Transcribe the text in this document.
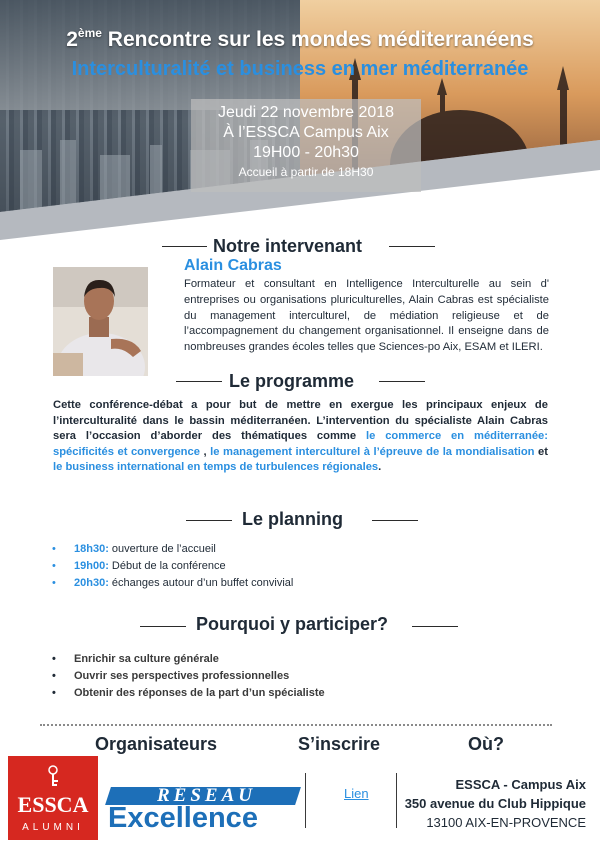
2ème Rencontre sur les mondes méditerranéens
Interculturalité et business en mer méditerranée
Jeudi 22 novembre 2018
À l’ESSCA Campus Aix
19H00 - 20h30
Accueil à partir de 18H30
Notre intervenant
Alain Cabras
Formateur et consultant en Intelligence Interculturelle au sein d' entreprises ou organisations pluriculturelles, Alain Cabras est spécialiste du management interculturel, de médiation religieuse et de l’accompagnement du changement organisationnel. Il enseigne dans de nombreuses grandes écoles telles que Sciences-po Aix, ESAM et ILERI.
Le programme
Cette conférence-débat a pour but de mettre en exergue les principaux enjeux de l’interculturalité dans le bassin méditerranéen. L’intervention du spécialiste Alain Cabras sera l’occasion d’aborder des thématiques comme le commerce en méditerranée: spécificités et convergence , le management interculturel à l’épreuve de la mondialisation et le business international en temps de turbulences régionales.
Le planning
• 18h30: ouverture de l’accueil
• 19h00: Début de la conférence
• 20h30: échanges autour d’un buffet convivial
Pourquoi y participer?
• Enrichir sa culture générale
• Ouvrir ses perspectives professionnelles
• Obtenir des réponses de la part d’un spécialiste
Organisateurs	S’inscrire	Où?
ESSCA
ALUMNI
RÉSEAU
Excellence
Lien
ESSCA - Campus Aix
350 avenue du Club Hippique
13100 AIX-EN-PROVENCE
